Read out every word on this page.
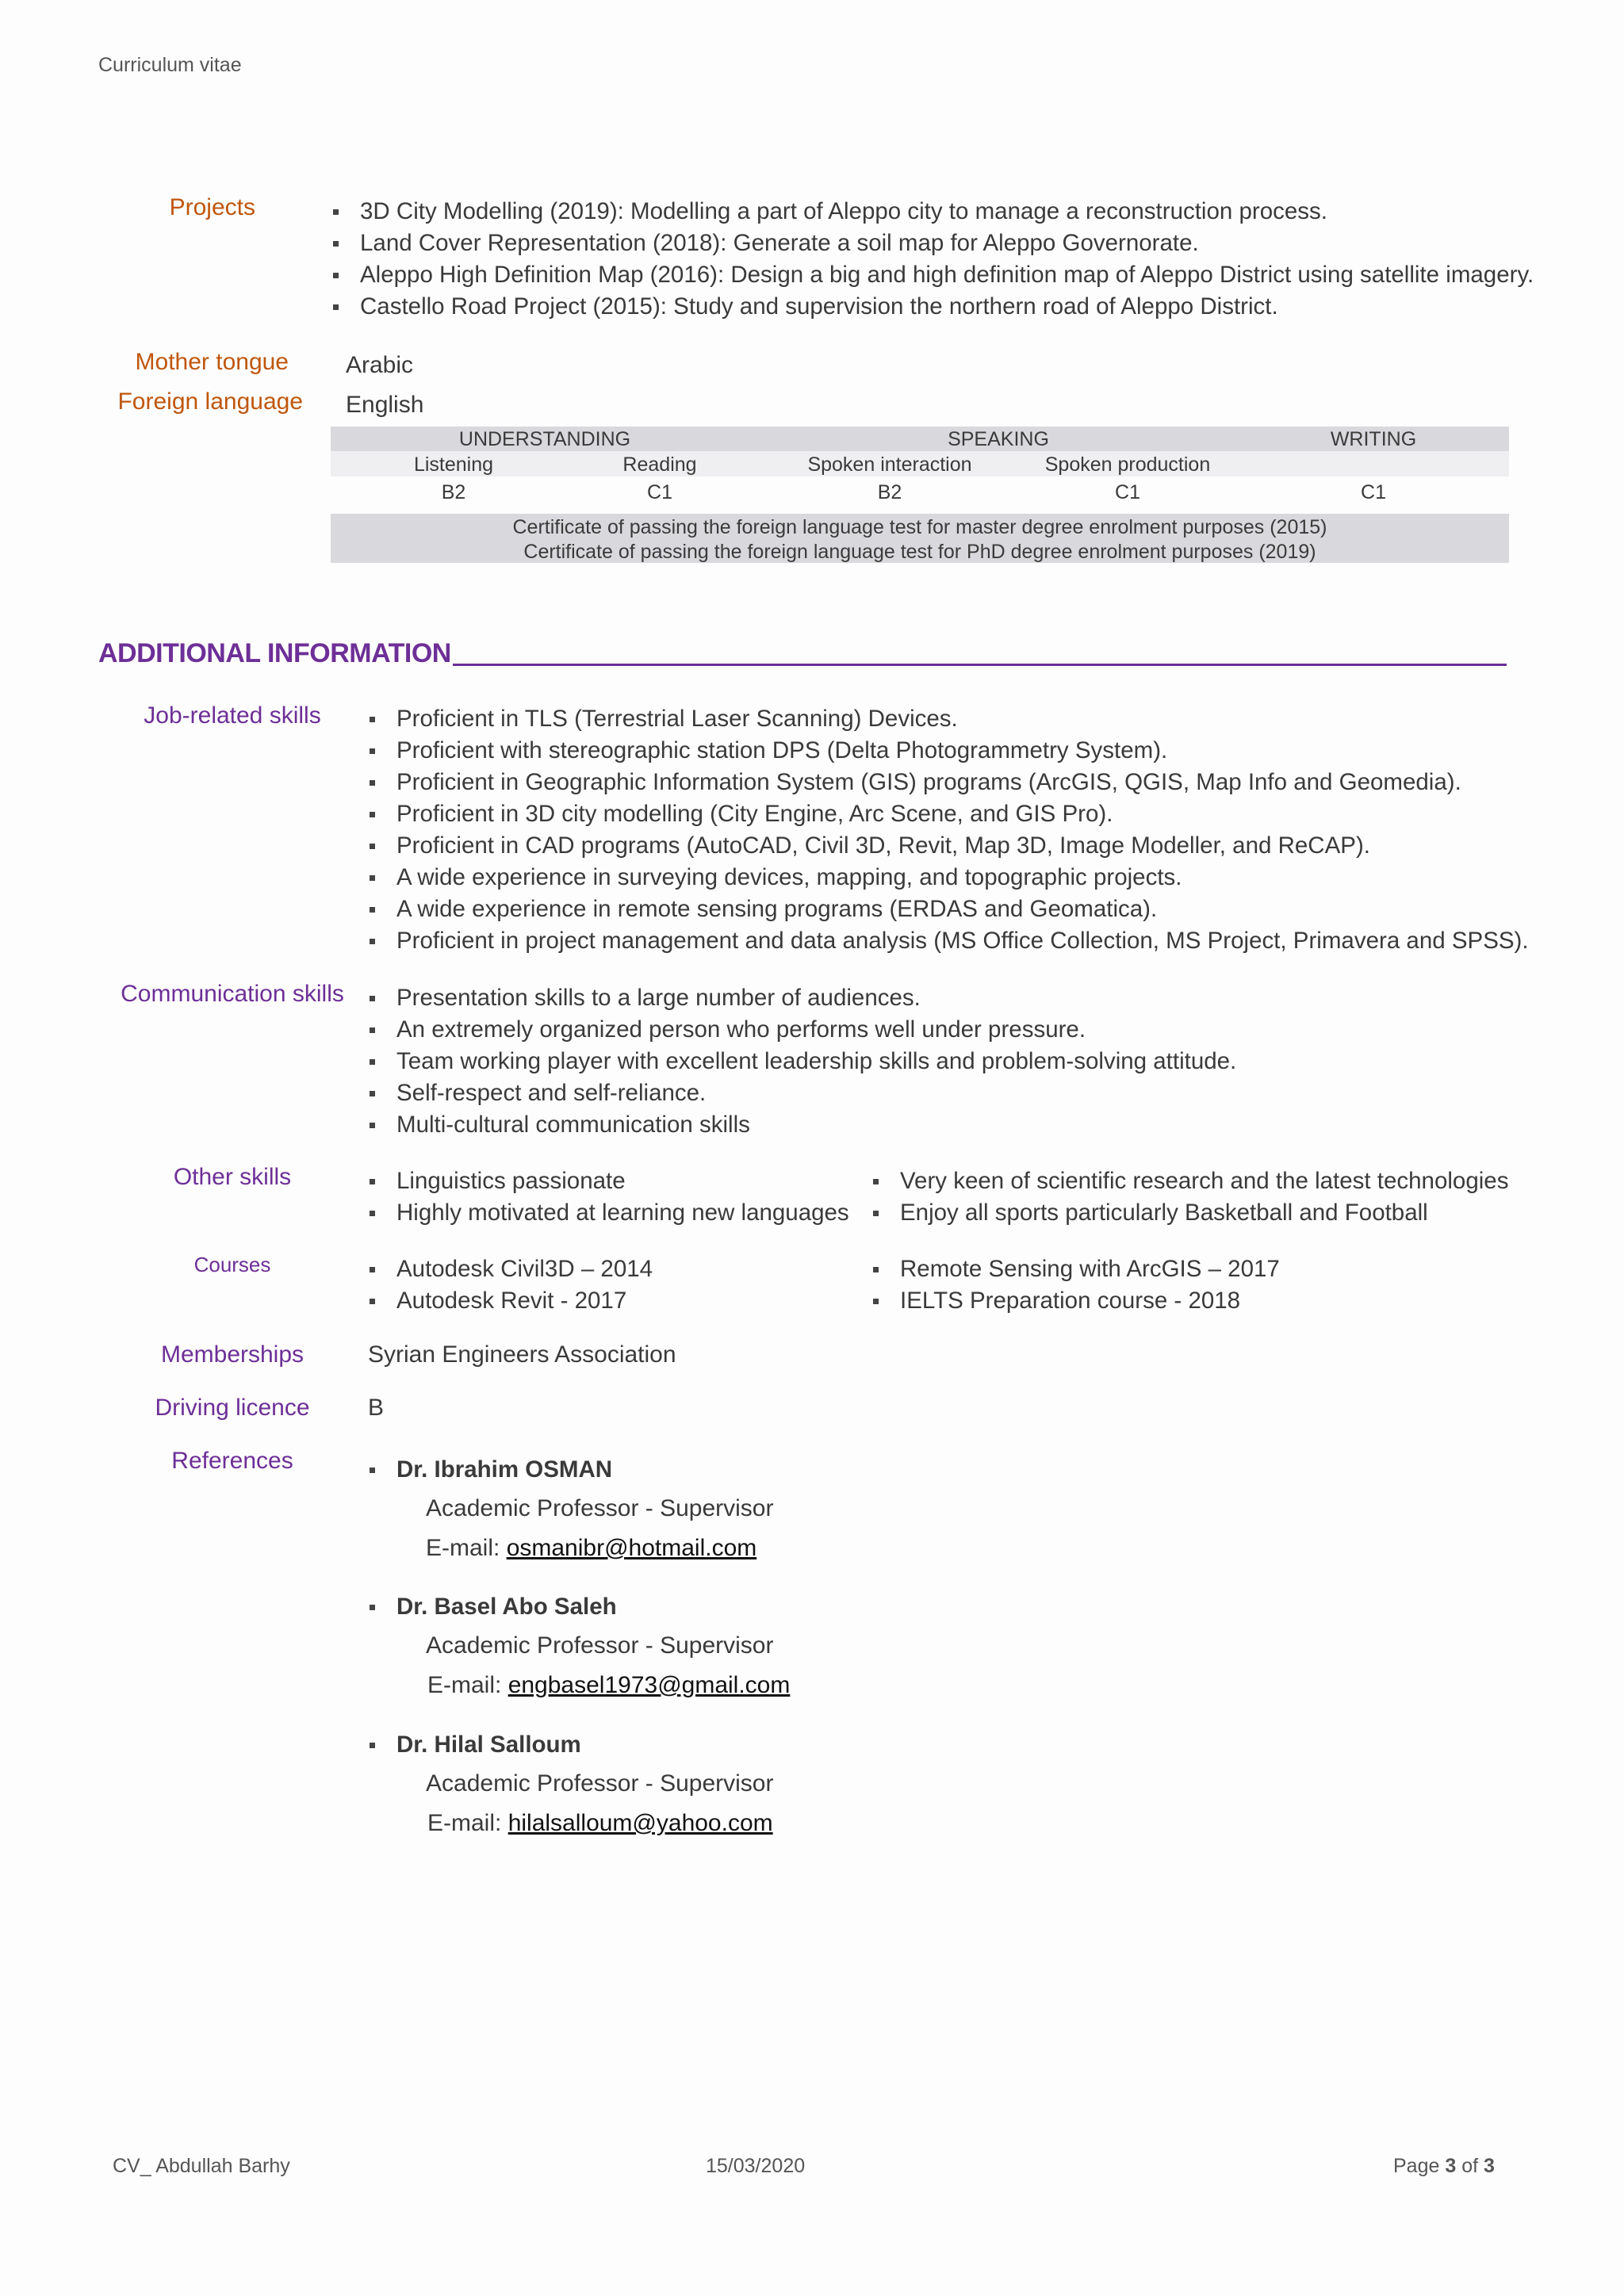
Curriculum vitae
Projects	3D City Modelling (2019): Modelling a part of Aleppo city to manage a reconstruction process.
Land Cover Representation (2018): Generate a soil map for Aleppo Governorate.
Aleppo High Definition Map (2016): Design a big and high definition map of Aleppo District using satellite imagery.
Castello Road Project (2015): Study and supervision the northern road of Aleppo District.
Mother tongue Arabic
Foreign language English
UNDERSTANDING	SPEAKING	WRITING
Listening	Reading	Spoken interaction	Spoken production
B2	C1	B2	C1	C1
Certificate of passing the foreign language test for master degree enrolment purposes (2015)
Certificate of passing the foreign language test for PhD degree enrolment purposes (2019)
ADDITIONAL INFORMATION
Job-related skills	Proficient in TLS (Terrestrial Laser Scanning) Devices.
Proficient with stereographic station DPS (Delta Photogrammetry System).
Proficient in Geographic Information System (GIS) programs (ArcGIS, QGIS, Map Info and Geomedia).
Proficient in 3D city modelling (City Engine, Arc Scene, and GIS Pro).
Proficient in CAD programs (AutoCAD, Civil 3D, Revit, Map 3D, Image Modeller, and ReCAP).
A wide experience in surveying devices, mapping, and topographic projects.
A wide experience in remote sensing programs (ERDAS and Geomatica).
Proficient in project management and data analysis (MS Office Collection, MS Project, Primavera and SPSS).
Communication skills	Presentation skills to a large number of audiences.
An extremely organized person who performs well under pressure.
Team working player with excellent leadership skills and problem-solving attitude.
Self-respect and self-reliance.
Multi-cultural communication skills
Other skills	Linguistics passionate
Highly motivated at learning new languages
Very keen of scientific research and the latest technologies
Enjoy all sports particularly Basketball and Football
Courses	Autodesk Civil3D – 2014
Autodesk Revit - 2017
Remote Sensing with ArcGIS – 2017
IELTS Preparation course - 2018
Memberships	Syrian Engineers Association
Driving licence	B
References	Dr. Ibrahim OSMAN
Academic Professor - Supervisor
E-mail: osmanibr@hotmail.com
Dr. Basel Abo Saleh
Academic Professor - Supervisor
E-mail: engbasel1973@gmail.com
Dr. Hilal Salloum
Academic Professor - Supervisor
E-mail: hilalsalloum@yahoo.com
CV_ Abdullah Barhy	15/03/2020	Page 3 of 3
